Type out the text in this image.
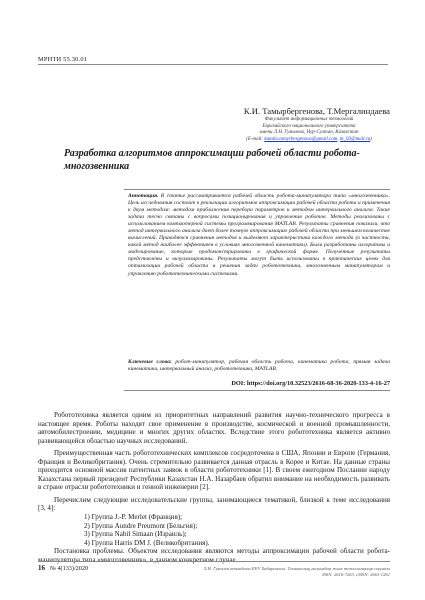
МРНТИ 55.30.01
К.И. Тамырбергенова, Т.Мергалиндаева
Факультет информационных технологий
Евразийского национального университета
имени Л.Н. Гумилева, Нур-Султан, Казахстан
(E-mail: kamila.tamyrbergenova@gmail.com, m_03@mail.ru)
Разработка алгоритмов аппроксимации рабочей области робота-многозвенника
Аннотация. В статье рассматривается рабочей область робота-манипулятора типа «многозвенника». Цель исследования состоит в реализации алгоритмов аппроксимации рабочей области робота и применения к двум методам: методом приближения перебора параметров и методом интервального анализа. Такие задачи тесно связаны с вопросами позиционирования и управления роботов. Методы реализованы с использованием компьютерной системы программирования MATLAB. Результаты сравнения показали, что метод интервального анализа дает более точную аппроксимацию рабочей области при меньшем количестве вычислений. Приводятся сравнения методов и выделяют характеристики каждого метода (в частности, какой метод наиболее эффективен в условиях многозвенной кинематики). Были разработаны алгоритмы и моделирование, которые продемонстрированы в графической форме. Полученные результаты представлены и визуализированы. Результаты могут быть использованы в практических целях для оптимизации рабочей области и решения задач робототехники, многозвенным манипуляторам и управлению робототехническими системами.
Ключевые слова: робот-манипулятор, рабочая область робота, кинематика робота, прямая задача кинематики, интервальный анализ, робототехника, MATLAB.
DOI: https://doi.org/10.32523/2616-68-36-2020-133-4-16-27

Робототехника является одним из приоритетных направлений развития научно-технического прогресса в настоящее время. Роботы находят свое применение в производстве, космической и военной промышленности, автомобилестроении, медицине и многих других областях. Вследствие этого робототехника является активно развивающейся областью научных исследований.

Преимущественная часть робототехнических комплексов сосредоточена в США, Японии и Европе (Германия, Франция и Великобритания). Очень стремительно развивается данная отрасль в Корее и Китае. На данные страны приходится основной массив патентных заявок в области робототехники [1]. В своем ежегодном Послании народу Казахстана первый президент Республики Казахстан Н.А. Назарбаев обратил внимание на необходимость развивать в стране отрасли робототехники и генной инженерии [2].

Перечислим следующие исследовательские группы, занимающиеся тематикой, близкой к теме исследования [3, 4]:

1) Группа J.-P. Merlet (Франция);

2) Группа Aundre Preumont (Бельгия);

3) Группа Nabil Simaan (Израиль);

4) Группа Harris DM J. (Великобритания).

Постановка проблемы. Объектом исследования являются методы аппроксимации рабочей области робота-манипулятора типа «многозвенник», в данном конкретном случае

16 № 4(133)/2020	Л.Н. Гумилев атындағы ЕҰУ Хабаршысы. Техникалық ғылымдар және технологиялар сериясы
ISSN: 2616-7263, eISSN: 2663-1261
